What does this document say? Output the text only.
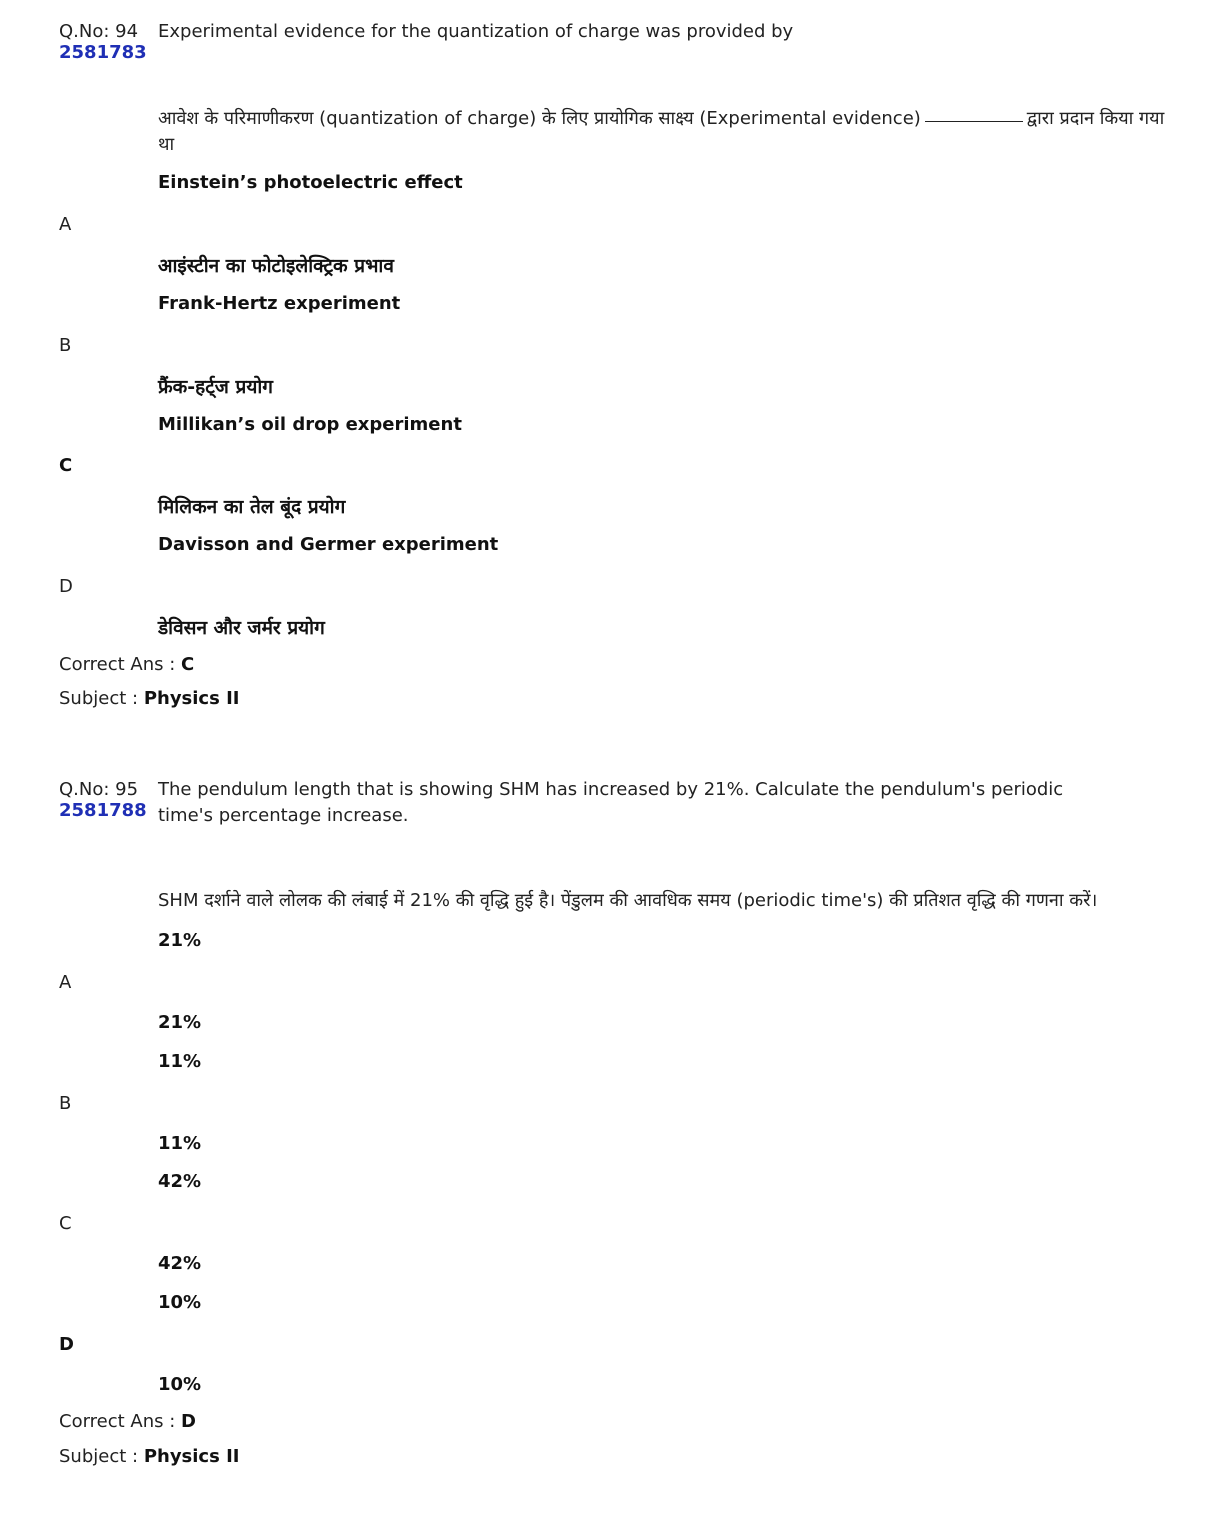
Q.No: 94
2581783
Experimental evidence for the quantization of charge was provided by
आवेश के परिमाणीकरण (quantization of charge) के लिए प्रायोगिक साक्ष्य (Experimental evidence)	द्वारा प्रदान किया गया
था
Einstein’s photoelectric effect
A
आइंस्टीन का फोटोइलेक्ट्रिक प्रभाव
Frank-Hertz experiment
B
फ्रैंक-हर्ट्ज प्रयोग
Millikan’s oil drop experiment
C
मिलिकन का तेल बूंद प्रयोग
Davisson and Germer experiment
D
डेविसन और जर्मर प्रयोग
Correct Ans : C
Subject : Physics II
Q.No: 95
2581788
The pendulum length that is showing SHM has increased by 21%. Calculate the pendulum's periodic time's percentage increase.
SHM दर्शाने वाले लोलक की लंबाई में 21% की वृद्धि हुई है। पेंडुलम की आवधिक समय (periodic time's) की प्रतिशत वृद्धि की गणना करें।
21%
A
21%
11%
B
11%
42%
C
42%
10%
D
10%
Correct Ans : D
Subject : Physics II
